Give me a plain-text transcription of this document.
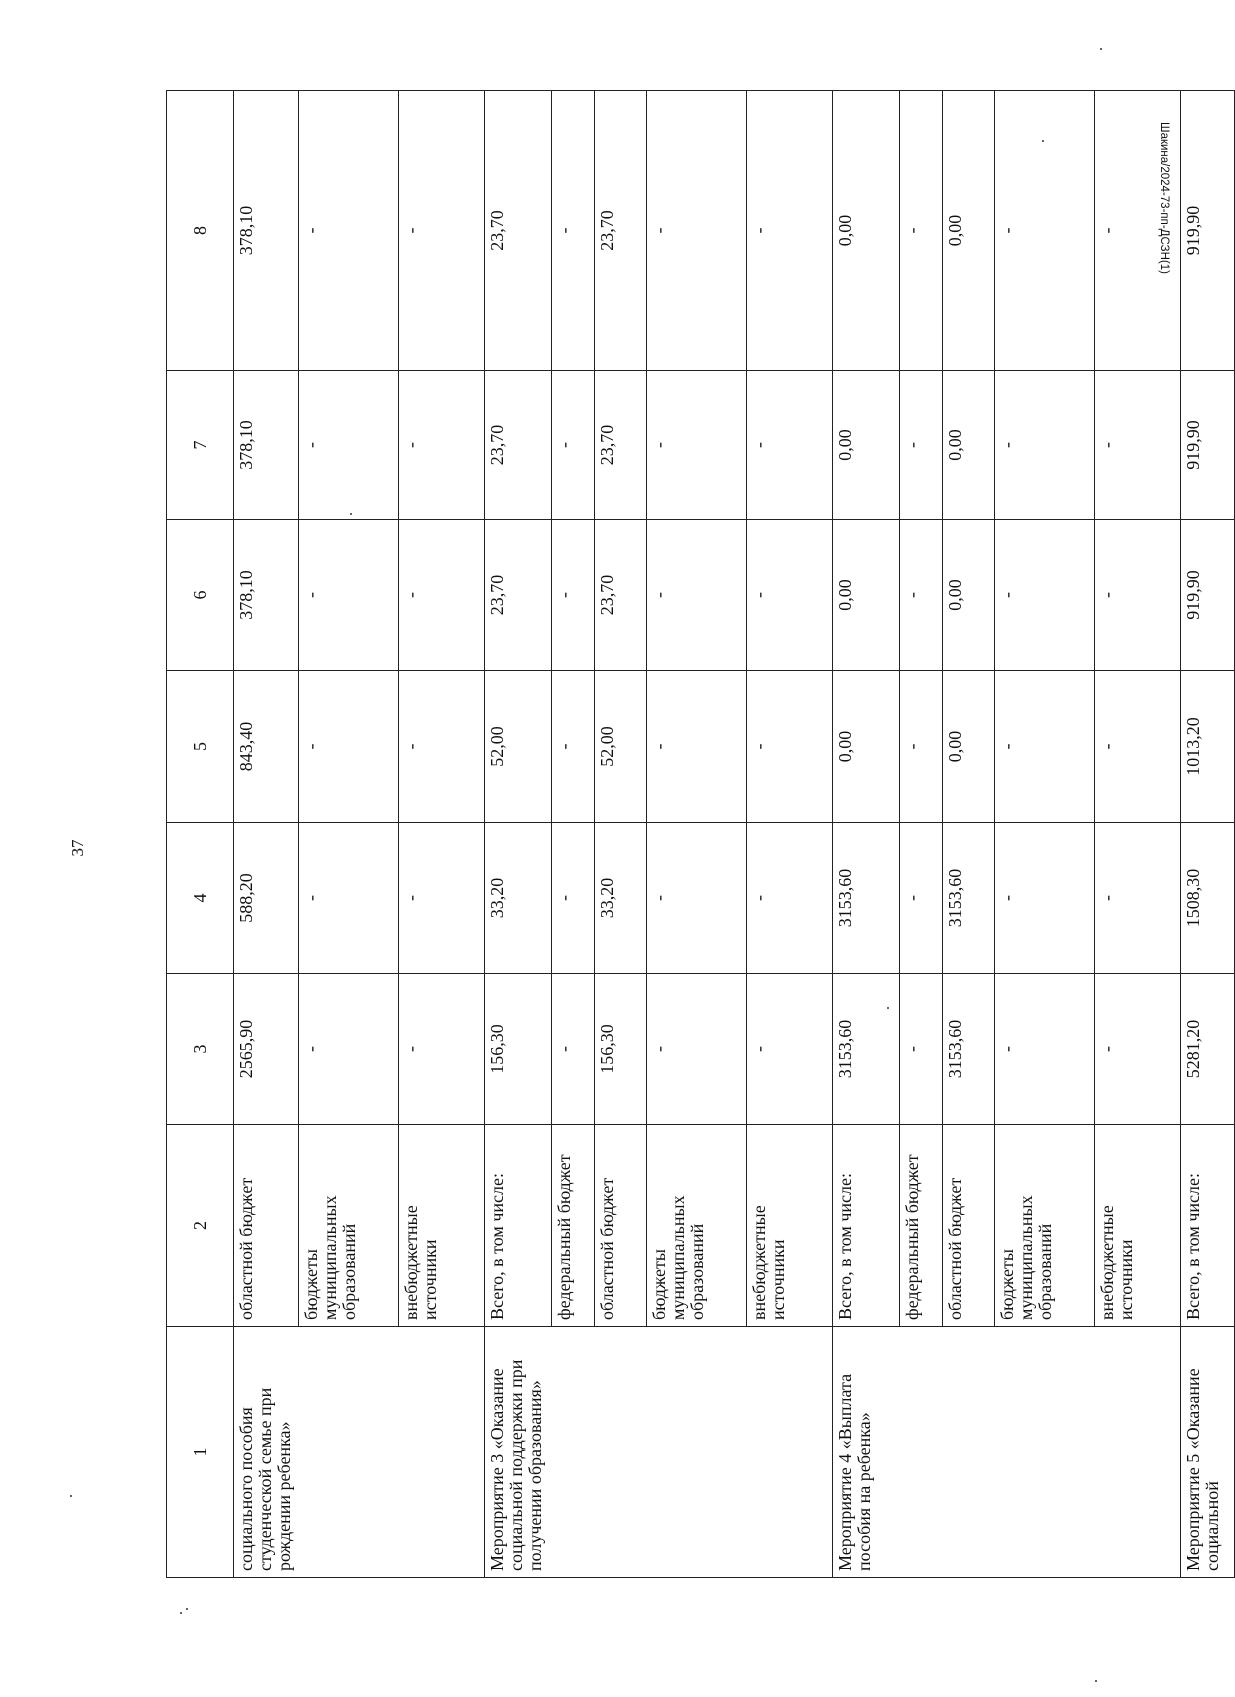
37
Шакина/2024-73-пп-ДСЗН(1)
1	2	3	4	5	6	7	8
социального пособия студенческой семье при рождении ребенка»	областной бюджет	2565,90	588,20	843,40	378,10	378,10	378,10
	бюджеты муниципальных образований	-	-	-	-	-	-
	внебюджетные источники	-	-	-	-	-	-
Мероприятие 3 «Оказание социальной поддержки при получении образования»	Всего, в том числе:	156,30	33,20	52,00	23,70	23,70	23,70
	федеральный бюджет	-	-	-	-	-	-
	областной бюджет	156,30	33,20	52,00	23,70	23,70	23,70
	бюджеты муниципальных образований	-	-	-	-	-	-
	внебюджетные источники	-	-	-	-	-	-
Мероприятие 4 «Выплата пособия на ребенка»	Всего, в том числе:	3153,60	3153,60	0,00	0,00	0,00	0,00
	федеральный бюджет	-	-	-	-	-	-
	областной бюджет	3153,60	3153,60	0,00	0,00	0,00	0,00
	бюджеты муниципальных образований	-	-	-	-	-	-
	внебюджетные источники	-	-	-	-	-	-
Мероприятие 5 «Оказание социальной	Всего, в том числе:	5281,20	1508,30	1013,20	919,90	919,90	919,90
